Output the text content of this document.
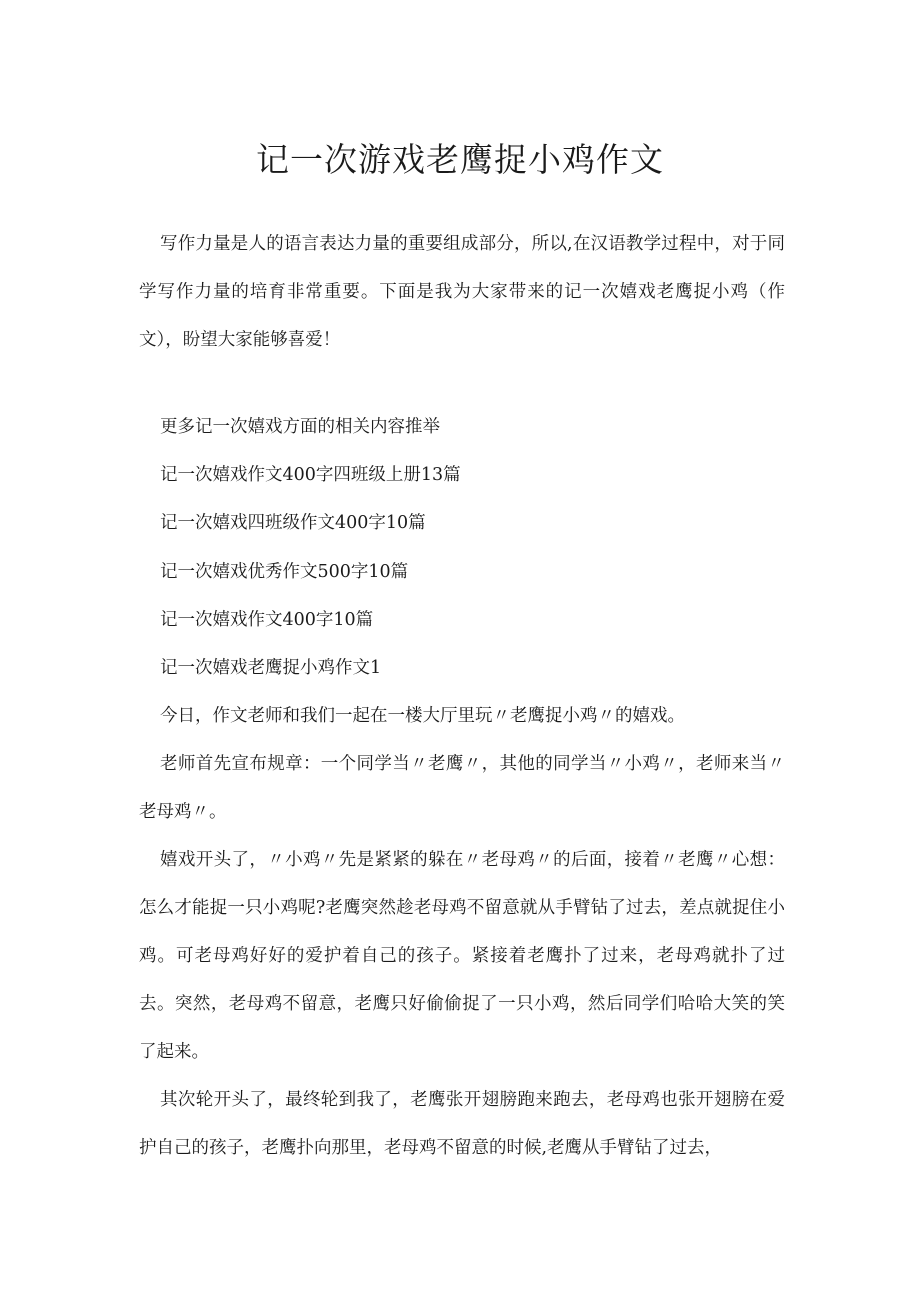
记一次游戏老鹰捉小鸡作文

写作力量是人的语言表达力量的重要组成部分，所以,在汉语教学过程中，对于同学写作力量的培育非常重要。下面是我为大家带来的记一次嬉戏老鹰捉小鸡（作文），盼望大家能够喜爱！

更多记一次嬉戏方面的相关内容推举

记一次嬉戏作文400字四班级上册13篇

记一次嬉戏四班级作文400字10篇

记一次嬉戏优秀作文500字10篇

记一次嬉戏作文400字10篇

记一次嬉戏老鹰捉小鸡作文1

今日，作文老师和我们一起在一楼大厅里玩〃老鹰捉小鸡〃的嬉戏。

老师首先宣布规章：一个同学当〃老鹰〃，其他的同学当〃小鸡〃，老师来当〃老母鸡〃。

嬉戏开头了，〃小鸡〃先是紧紧的躲在〃老母鸡〃的后面，接着〃老鹰〃心想：怎么才能捉一只小鸡呢?老鹰突然趁老母鸡不留意就从手臂钻了过去，差点就捉住小鸡。可老母鸡好好的爱护着自己的孩子。紧接着老鹰扑了过来，老母鸡就扑了过去。突然，老母鸡不留意，老鹰只好偷偷捉了一只小鸡，然后同学们哈哈大笑的笑了起来。

其次轮开头了，最终轮到我了，老鹰张开翅膀跑来跑去，老母鸡也张开翅膀在爱护自己的孩子，老鹰扑向那里，老母鸡不留意的时候,老鹰从手臂钻了过去，
